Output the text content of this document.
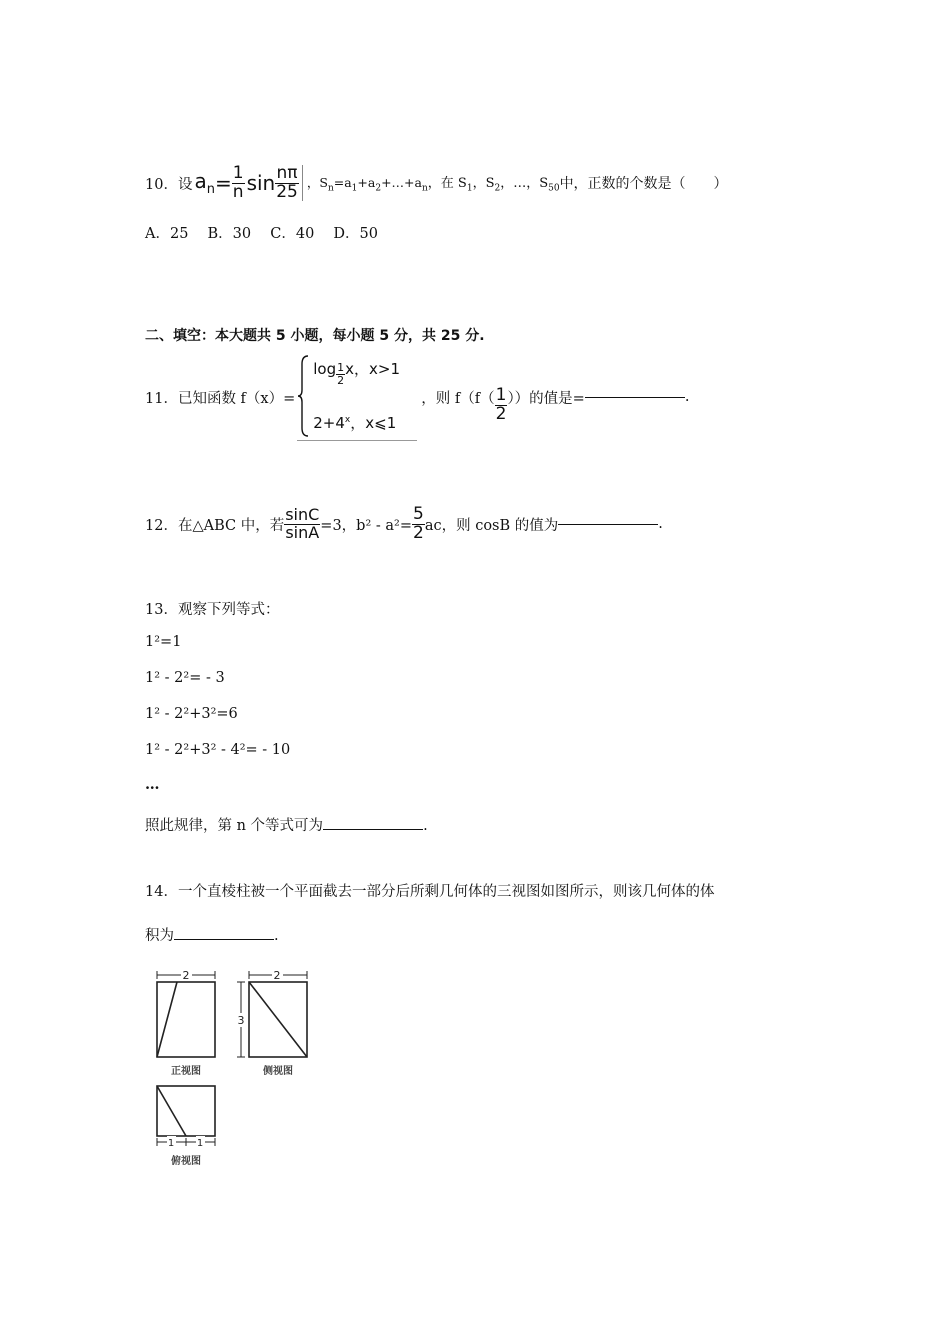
10．设 $a_n = \frac{1}{n}$ $\sin \frac{n\pi}{25}$ ，$S_n=a_1+a_2+\dots+a_n$ ，在 $S_1$，$S_2$，…，$S_{50}$ 中，正数的个数是（　　）
A．25　 B．30　 C．40　 D．50
二、填空：本大题共 5 小题，每小题 5 分，共 25 分.
11．已知函数 f（x）=
$\log \frac{1}{2}$ x，x>1
$2+4^x$，x⩽1
，则 $f(f( \frac{1}{2}$ ））的值是=	.
12．在△ABC 中，若 $\frac{\sin C}{\sin A} =3$，$b^2 - a^2= \frac{5}{2}$ ac，则 cosB 的值为	.
13．观察下列等式：
1²=1
1² - 2²= - 3
1² - 2²+3²=6
1² - 2²+3² - 4²= - 10
…
照此规律，第 n 个等式可为	.
14．一个直棱柱被一个平面截去一部分后所剩几何体的三视图如图所示，则该几何体的体
积为	.
2	2
3
正视图	侧视图
1 1
俯视图
